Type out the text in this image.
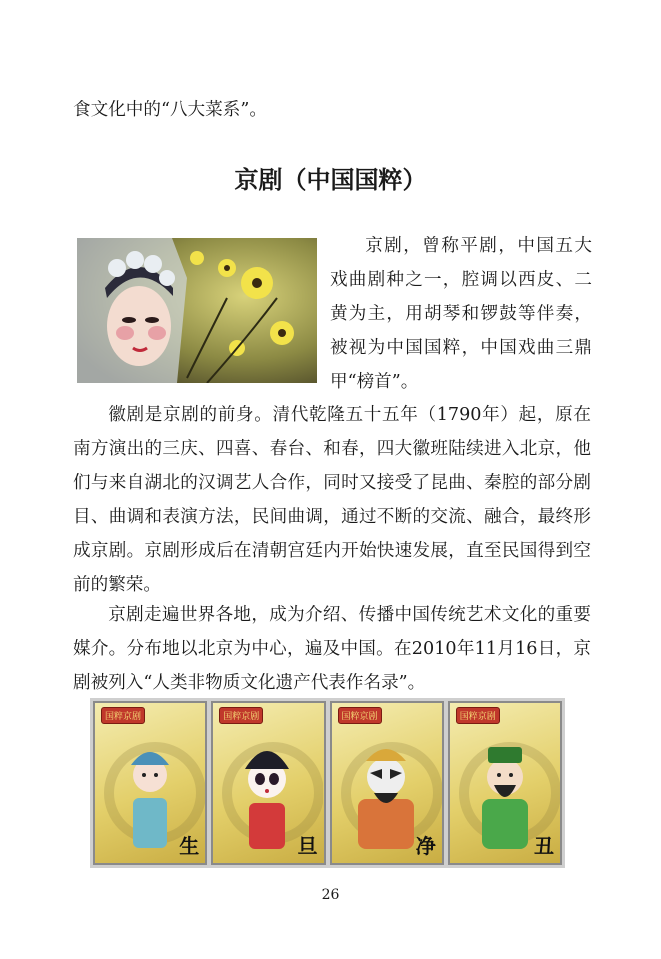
食文化中的“八大菜系”。

京剧（中国国粹）

京剧，曾称平剧，中国五大戏曲剧种之一，腔调以西皮、二黄为主，用胡琴和锣鼓等伴奏，被视为中国国粹，中国戏曲三鼎甲“榜首”。

徽剧是京剧的前身。清代乾隆五十五年（1790年）起，原在南方演出的三庆、四喜、春台、和春，四大徽班陆续进入北京，他们与来自湖北的汉调艺人合作，同时又接受了昆曲、秦腔的部分剧目、曲调和表演方法，民间曲调，通过不断的交流、融合，最终形成京剧。京剧形成后在清朝宫廷内开始快速发展，直至民国得到空前的繁荣。

京剧走遍世界各地，成为介绍、传播中国传统艺术文化的重要媒介。分布地以北京为中心，遍及中国。在2010年11月16日，京剧被列入“人类非物质文化遗产代表作名录”。

国粹京剧
生
国粹京剧
旦
国粹京剧
净
国粹京剧
丑

26
